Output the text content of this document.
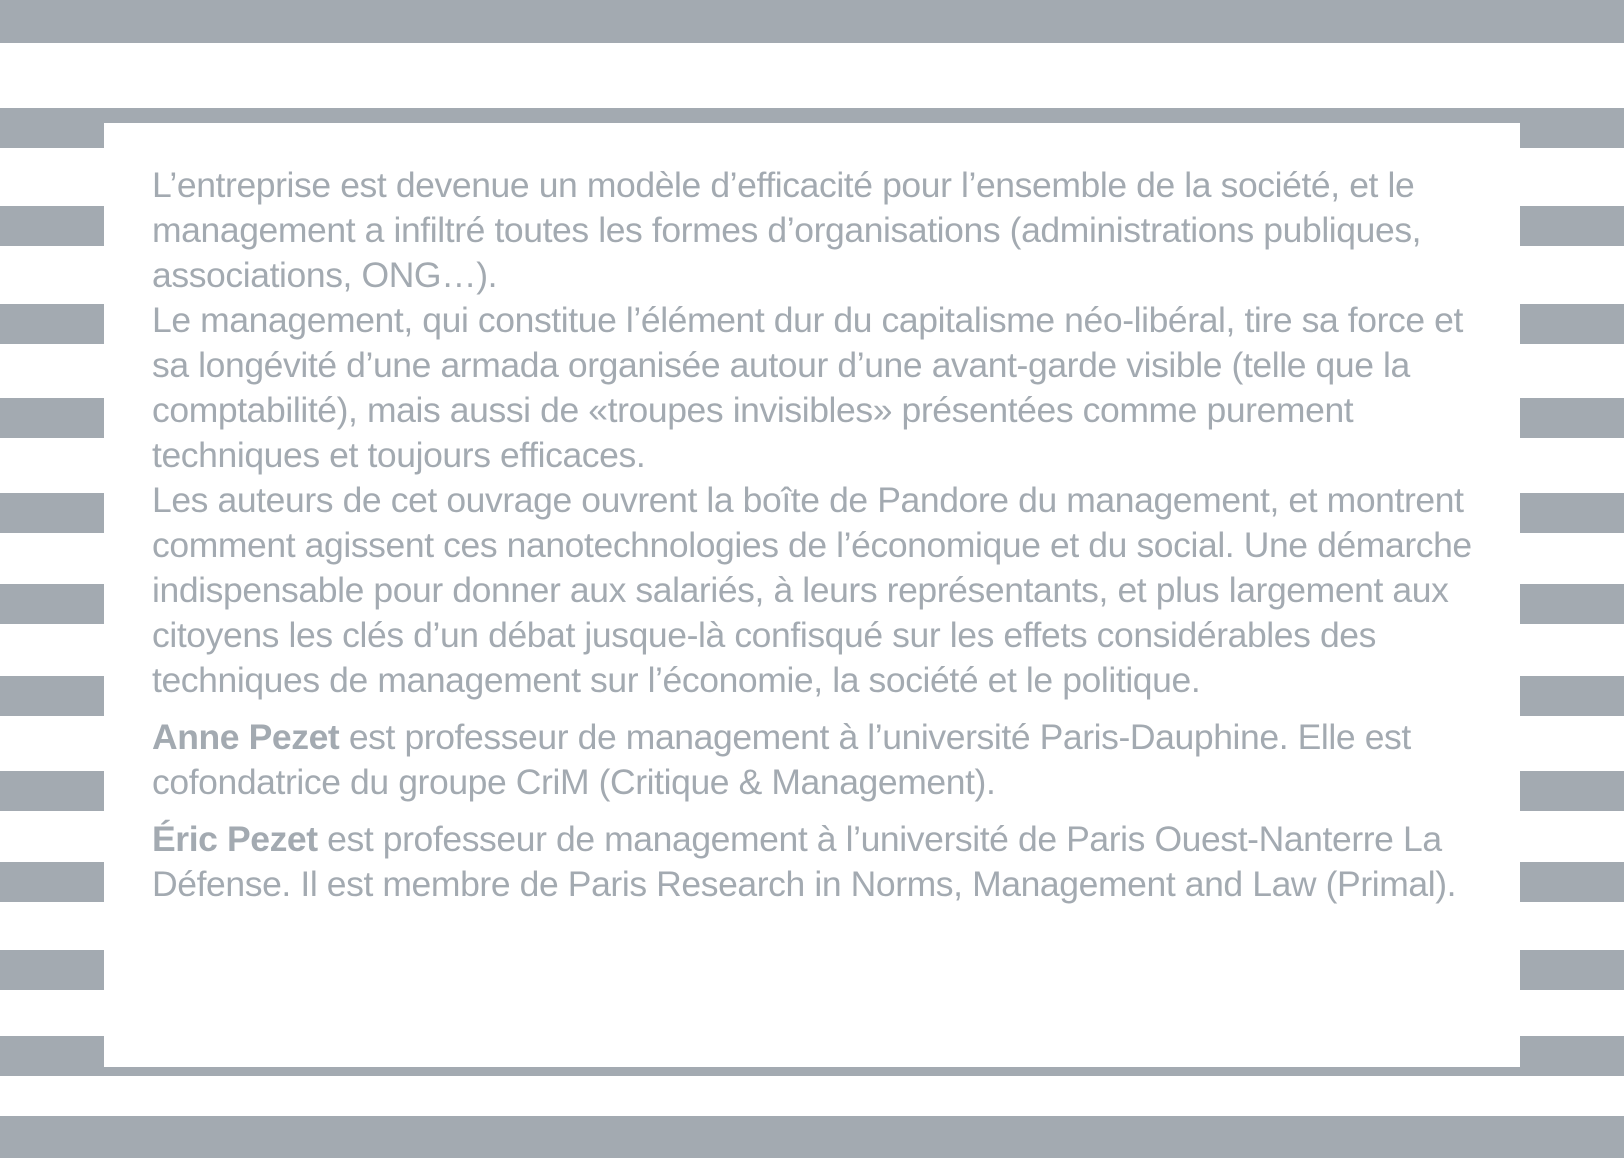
L’entreprise est devenue un modèle d’efficacité pour l’ensemble de la société, et le management a infiltré toutes les formes d’organisations (administrations publiques, associations, ONG…).

Le management, qui constitue l’élément dur du capitalisme néo-libéral, tire sa force et sa longévité d’une armada organisée autour d’une avant-garde visible (telle que la comptabilité), mais aussi de «troupes invisibles» présentées comme purement techniques et toujours efficaces.

Les auteurs de cet ouvrage ouvrent la boîte de Pandore du management, et montrent comment agissent ces nanotechnologies de l’économique et du social. Une démarche indispensable pour donner aux salariés, à leurs représentants, et plus largement aux citoyens les clés d’un débat jusque-là confisqué sur les effets considérables des techniques de management sur l’économie, la société et le politique.

Anne Pezet est professeur de management à l’université Paris-Dauphine. Elle est cofondatrice du groupe CriM (Critique & Management).

Éric Pezet est professeur de management à l’université de Paris Ouest-Nanterre La Défense. Il est membre de Paris Research in Norms, Management and Law (Primal).
